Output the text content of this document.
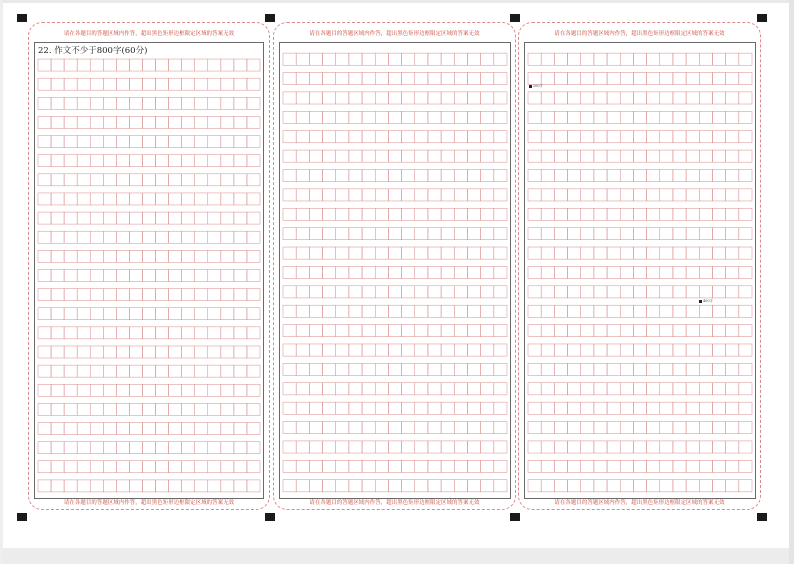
请在各题目的答题区域内作答，超出黑色矩形边框限定区域的答案无效
22. 作文不少于800字(60分)
请在各题目的答题区域内作答，超出黑色矩形边框限定区域的答案无效
请在各题目的答题区域内作答，超出黑色矩形边框限定区域的答案无效
请在各题目的答题区域内作答，超出黑色矩形边框限定区域的答案无效
请在各题目的答题区域内作答，超出黑色矩形边框限定区域的答案无效
请在各题目的答题区域内作答，超出黑色矩形边框限定区域的答案无效
200字
400字
